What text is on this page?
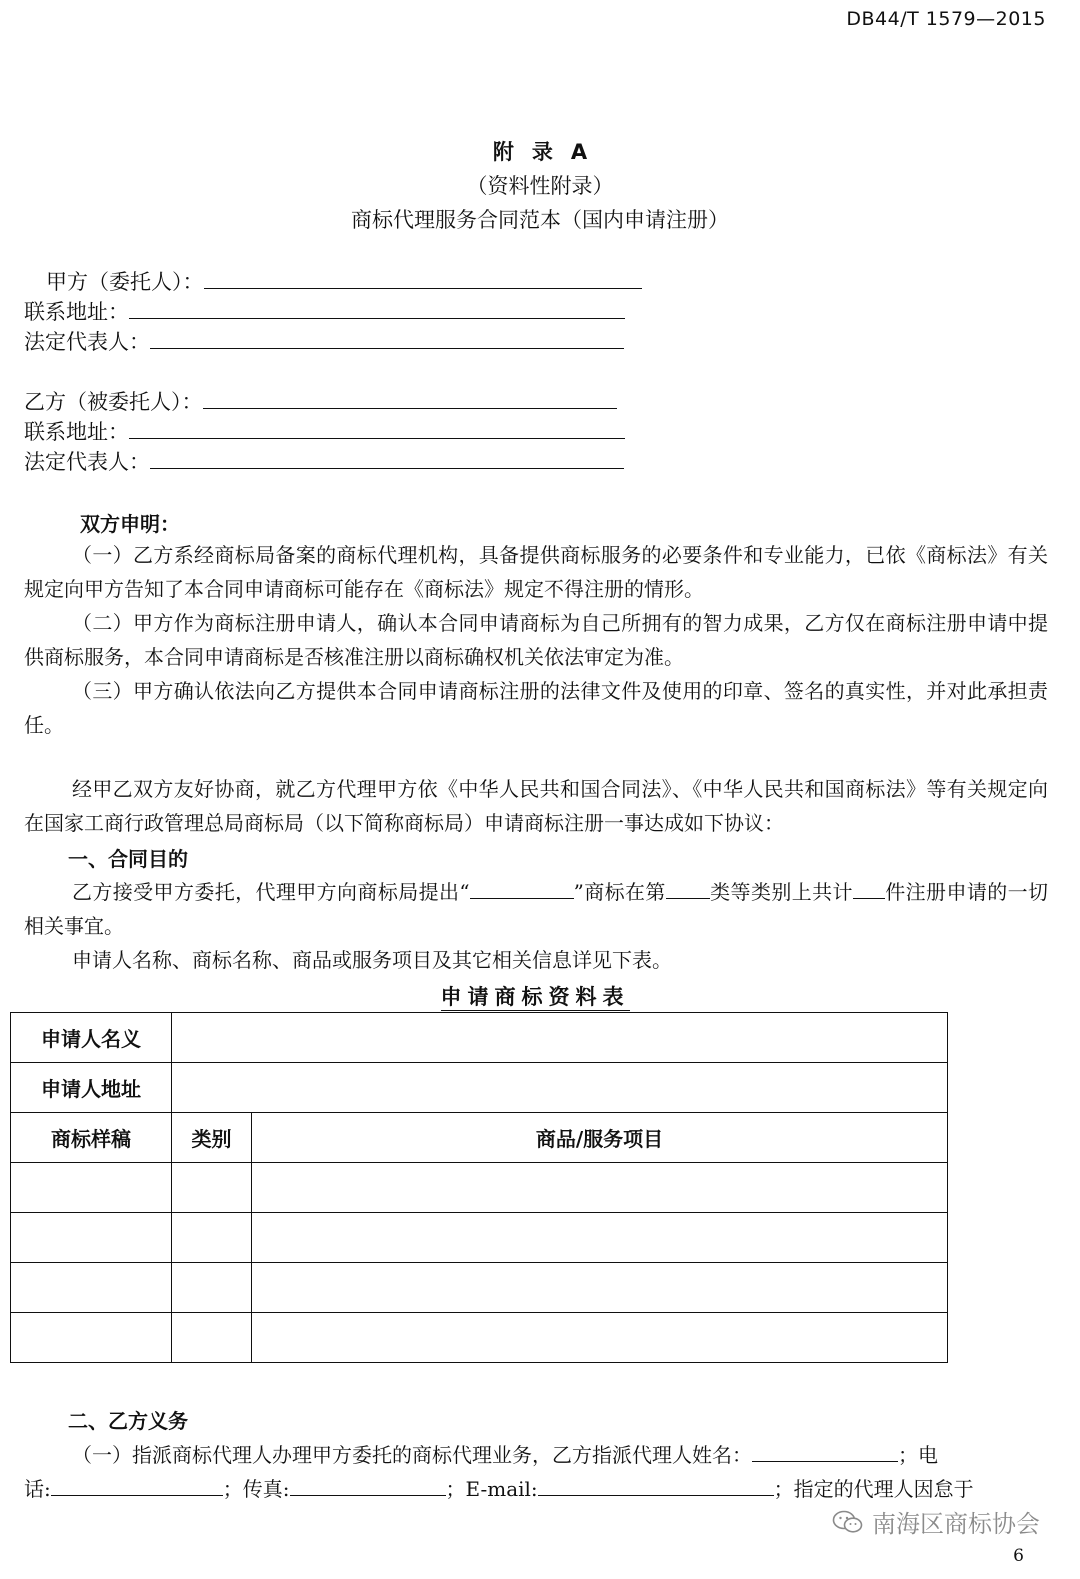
DB44/T 1579—2015
附 录 A
（资料性附录）
商标代理服务合同范本（国内申请注册）
甲方（委托人）：
联系地址：
法定代表人：
乙方（被委托人）：
联系地址：
法定代表人：
双方申明：
（一）乙方系经商标局备案的商标代理机构，具备提供商标服务的必要条件和专业能力，已依《商标法》有关规定向甲方告知了本合同申请商标可能存在《商标法》规定不得注册的情形。
（二）甲方作为商标注册申请人，确认本合同申请商标为自己所拥有的智力成果，乙方仅在商标注册申请中提供商标服务，本合同申请商标是否核准注册以商标确权机关依法审定为准。
（三）甲方确认依法向乙方提供本合同申请商标注册的法律文件及使用的印章、签名的真实性，并对此承担责任。
经甲乙双方友好协商，就乙方代理甲方依《中华人民共和国合同法》、《中华人民共和国商标法》等有关规定向在国家工商行政管理总局商标局（以下简称商标局）申请商标注册一事达成如下协议：
一、合同目的
乙方接受甲方委托，代理甲方向商标局提出“	”商标在第 类等类别上共计 件注册申请的一切相关事宜。
申请人名称、商标名称、商品或服务项目及其它相关信息详见下表。
申请商标资料表
申请人名义		
申请人地址		
商标样稿	类别	商品/服务项目

二、乙方义务
（一）指派商标代理人办理甲方委托的商标代理业务，乙方指派代理人姓名：	；电
话:	；传真:	；E-mail:	；指定的代理人因怠于
南海区商标协会
6
